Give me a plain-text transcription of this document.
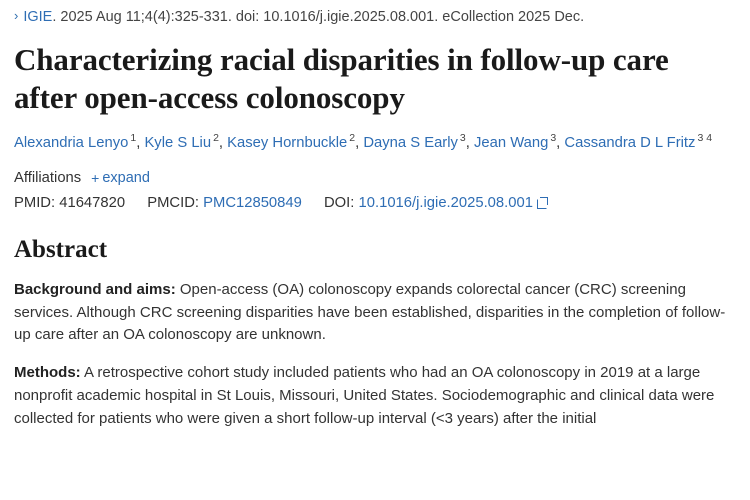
› IGIE. 2025 Aug 11;4(4):325-331. doi: 10.1016/j.igie.2025.08.001. eCollection 2025 Dec.
Characterizing racial disparities in follow-up care after open-access colonoscopy
Alexandria Lenyo $^1$, Kyle S Liu $^2$, Kasey Hornbuckle $^2$, Dayna S Early $^3$, Jean Wang $^3$, Cassandra D L Fritz $^{3 4}$
Affiliations + expand
PMID: 41647820 PMCID: PMC12850849 DOI: 10.1016/j.igie.2025.08.001
Abstract

Background and aims: Open-access (OA) colonoscopy expands colorectal cancer (CRC) screening services. Although CRC screening disparities have been established, disparities in the completion of follow-up care after an OA colonoscopy are unknown.

Methods: A retrospective cohort study included patients who had an OA colonoscopy in 2019 at a large nonprofit academic hospital in St Louis, Missouri, United States. Sociodemographic and clinical data were collected for patients who were given a short follow-up interval (<3 years) after the initial
